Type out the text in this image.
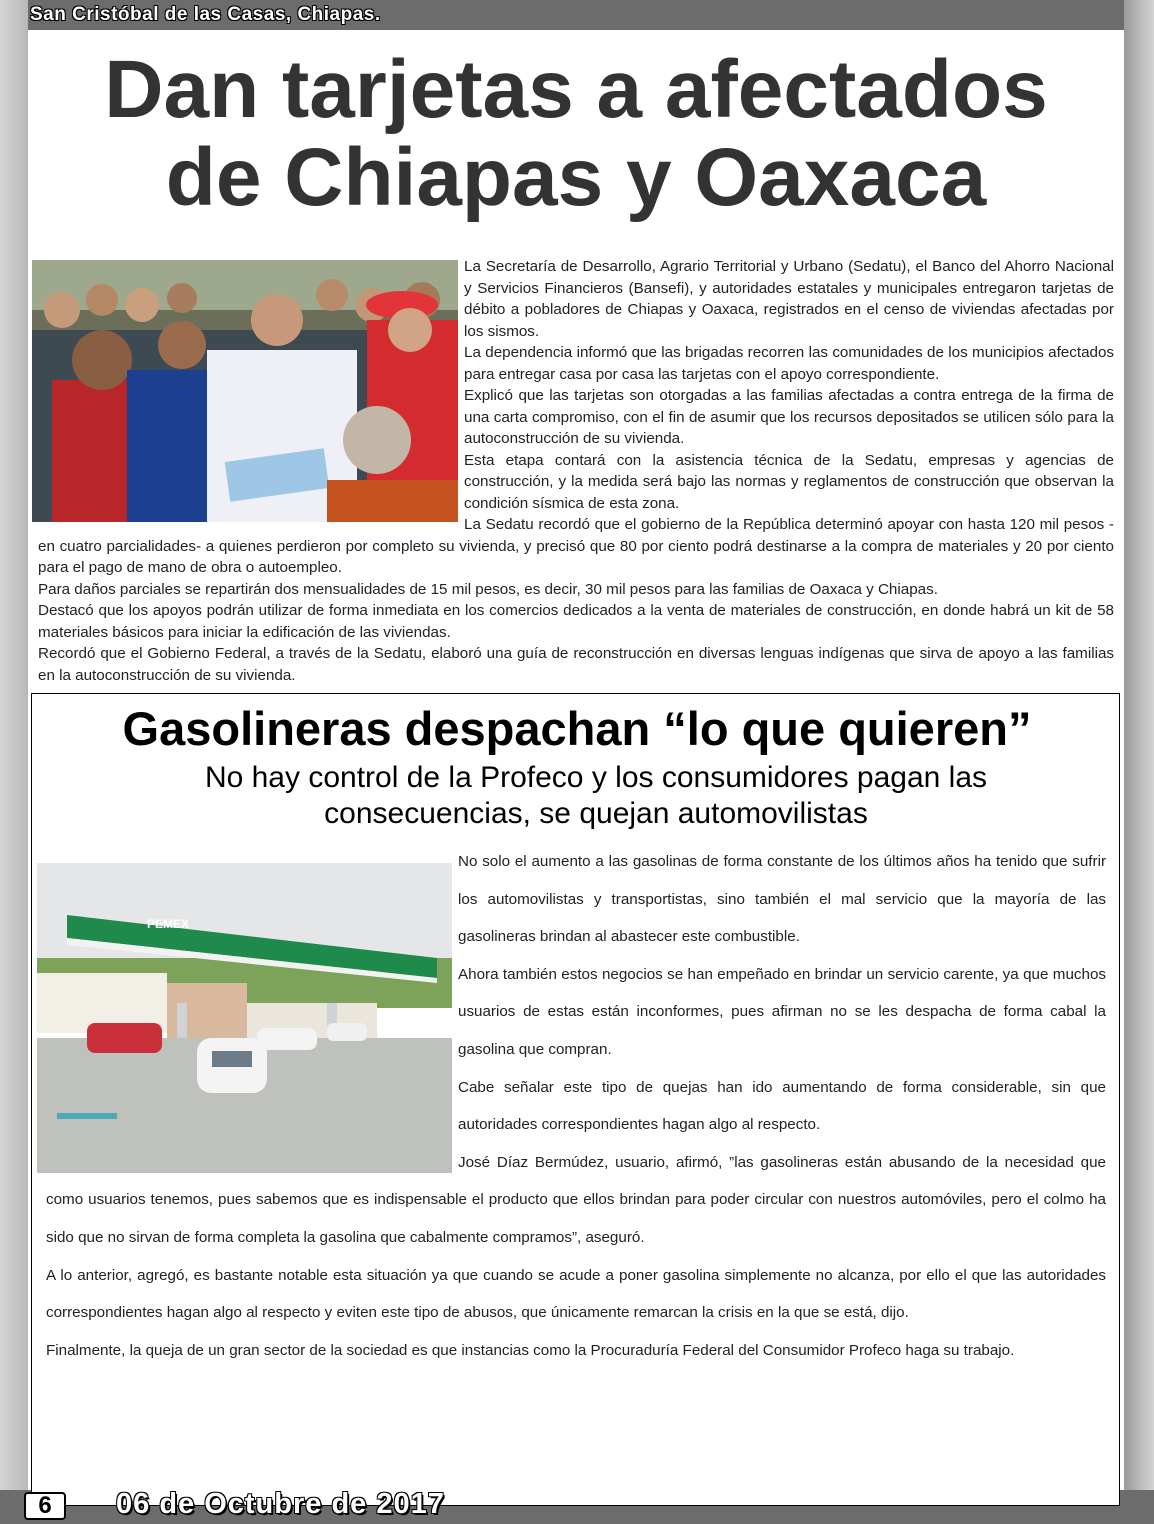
San Cristóbal de las Casas, Chiapas.

Dan tarjetas a afectados
de Chiapas y Oaxaca

La Secretaría de Desarrollo, Agrario Territorial y Urbano (Sedatu), el Banco del Ahorro Nacional y Servicios Financieros (Bansefi), y autoridades estatales y municipales entregaron tarjetas de débito a pobladores de Chiapas y Oaxaca, registrados en el censo de viviendas afectadas por los sismos.

La dependencia informó que las brigadas recorren las comunidades de los municipios afectados para entregar casa por casa las tarjetas con el apoyo correspondiente.

Explicó que las tarjetas son otorgadas a las familias afectadas a contra entrega de la firma de una carta compromiso, con el fin de asumir que los recursos depositados se utilicen sólo para la autoconstrucción de su vivienda.

Esta etapa contará con la asistencia técnica de la Sedatu, empresas y agencias de construcción, y la medida será bajo las normas y reglamentos de construcción que observan la condición sísmica de esta zona.

La Sedatu recordó que el gobierno de la República determinó apoyar con hasta 120 mil pesos -en cuatro parcialidades- a quienes perdieron por completo su vivienda, y precisó que 80 por ciento podrá destinarse a la compra de materiales y 20 por ciento para el pago de mano de obra o autoempleo.

Para daños parciales se repartirán dos mensualidades de 15 mil pesos, es decir, 30 mil pesos para las familias de Oaxaca y Chiapas.

Destacó que los apoyos podrán utilizar de forma inmediata en los comercios dedicados a la venta de materiales de construcción, en donde habrá un kit de 58 materiales básicos para iniciar la edificación de las viviendas.

Recordó que el Gobierno Federal, a través de la Sedatu, elaboró una guía de reconstrucción en diversas lenguas indígenas que sirva de apoyo a las familias en la autoconstrucción de su vivienda.

Gasolineras despachan “lo que quieren”

No hay control de la Profeco y los consumidores pagan las consecuencias, se quejan automovilistas

PEMEX

No solo el aumento a las gasolinas de forma constante de los últimos años ha tenido que sufrir los automovilistas y transportistas, sino también el mal servicio que la mayoría de las gasolineras brindan al abastecer este combustible.

Ahora también estos negocios se han empeñado en brindar un servicio carente, ya que muchos usuarios de estas están inconformes, pues afirman no se les despacha de forma cabal la gasolina que compran.

Cabe señalar este tipo de quejas han ido aumentando de forma considerable, sin que autoridades correspondientes hagan algo al respecto.

José Díaz Bermúdez, usuario, afirmó, ”las gasolineras están abusando de la necesidad que como usuarios tenemos, pues sabemos que es indispensable el producto que ellos brindan para poder circular con nuestros automóviles, pero el colmo ha sido que no sirvan de forma completa la gasolina que cabalmente compramos”, aseguró.

A lo anterior, agregó, es bastante notable esta situación ya que cuando se acude a poner gasolina simplemente no alcanza, por ello el que las autoridades correspondientes hagan algo al respecto y eviten este tipo de abusos, que únicamente remarcan la crisis en la que se está, dijo.

Finalmente, la queja de un gran sector de la sociedad es que instancias como la Procuraduría Federal del Consumidor Profeco haga su trabajo.

6	06 de Octubre de 2017
